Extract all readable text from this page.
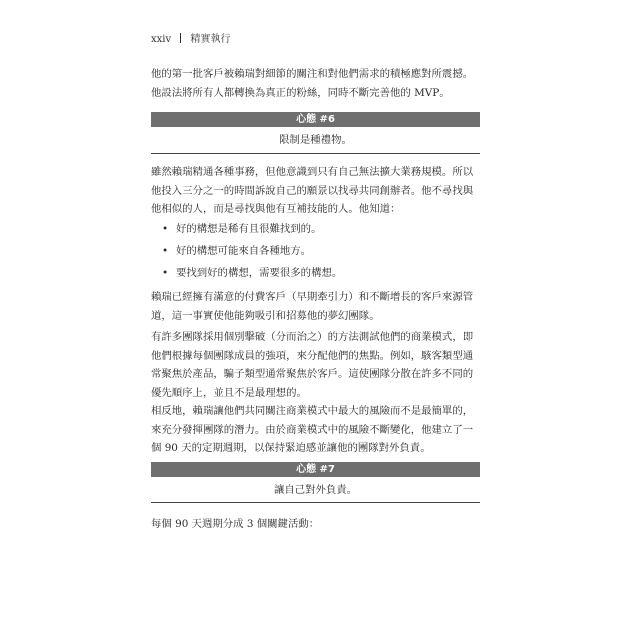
xxiv 精實執行

他的第一批客戶被賴瑞對細節的關注和對他們需求的積極應對所震撼。
他設法將所有人都轉換為真正的粉絲，同時不斷完善他的 MVP。

心態 #6
限制是種禮物。

雖然賴瑞精通各種事務，但他意識到只有自己無法擴大業務規模。所以
他投入三分之一的時間訴說自己的願景以找尋共同創辦者。他不尋找與
他相似的人，而是尋找與他有互補技能的人。他知道：

• 好的構想是稀有且很難找到的。
• 好的構想可能來自各種地方。
• 要找到好的構想，需要很多的構想。

賴瑞已經擁有滿意的付費客戶（早期牽引力）和不斷增長的客戶來源管
道，這一事實使他能夠吸引和招募他的夢幻團隊。

有許多團隊採用個別擊破（分而治之）的方法測試他們的商業模式，即
他們根據每個團隊成員的強項，來分配他們的焦點。例如，駭客類型通
常聚焦於產品，騙子類型通常聚焦於客戶。這使團隊分散在許多不同的
優先順序上，並且不是最理想的。

相反地，賴瑞讓他們共同關注商業模式中最大的風險而不是最簡單的，
來充分發揮團隊的潛力。由於商業模式中的風險不斷變化，他建立了一
個 90 天的定期週期，以保持緊迫感並讓他的團隊對外負責。

心態 #7
讓自己對外負責。

每個 90 天週期分成 3 個關鍵活動：
